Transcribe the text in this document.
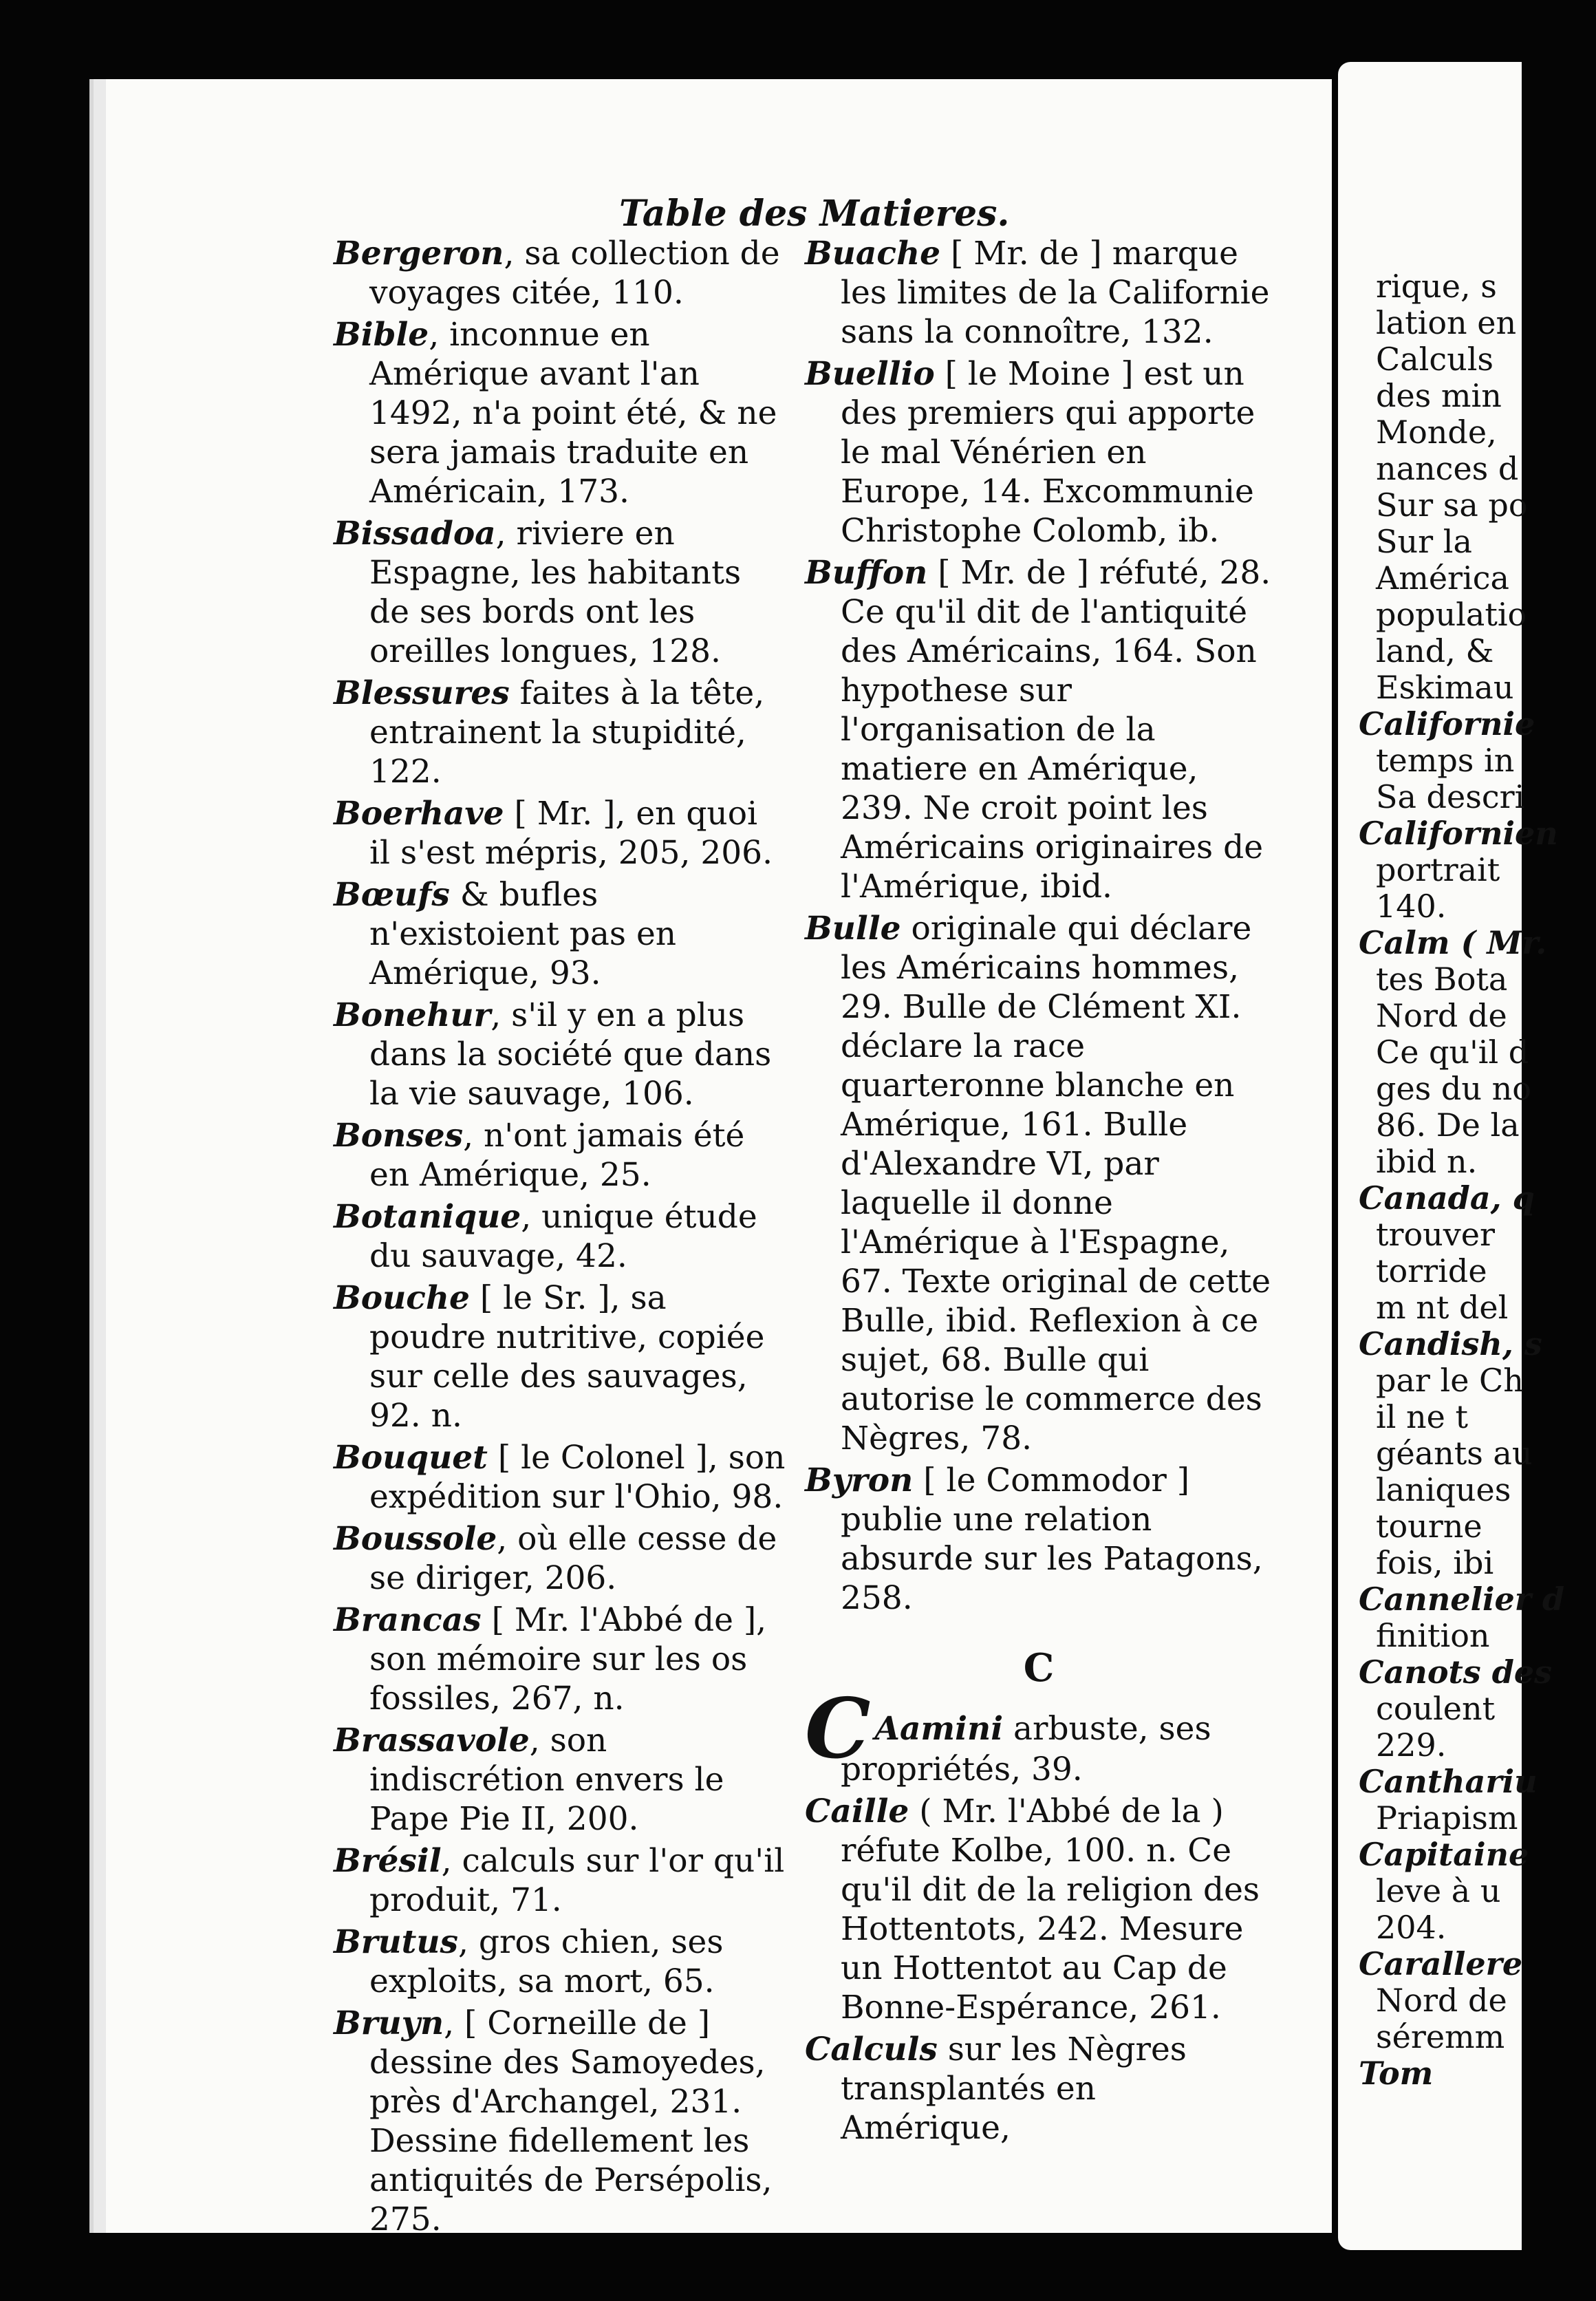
Table des Matieres.
Bergeron, sa collection de voyages citée, 110.
Bible, inconnue en Amérique avant l'an 1492, n'a point été, & ne sera jamais traduite en Américain, 173.
Bissadoa, riviere en Espagne, les habitants de ses bords ont les oreilles longues, 128.
Blessures faites à la tête, entrainent la stupidité, 122.
Boerhave [ Mr. ], en quoi il s'est mépris, 205, 206.
Bœufs & bufles n'existoient pas en Amérique, 93.
Bonehur, s'il y en a plus dans la société que dans la vie sauvage, 106.
Bonses, n'ont jamais été en Amérique, 25.
Botanique, unique étude du sauvage, 42.
Bouche [ le Sr. ], sa poudre nutritive, copiée sur celle des sauvages, 92. n.
Bouquet [ le Colonel ], son expédition sur l'Ohio, 98.
Boussole, où elle cesse de se diriger, 206.
Brancas [ Mr. l'Abbé de ], son mémoire sur les os fossiles, 267, n.
Brassavole, son indiscrétion envers le Pape Pie II, 200.
Brésil, calculs sur l'or qu'il produit, 71.
Brutus, gros chien, ses exploits, sa mort, 65.
Bruyn, [ Corneille de ] dessine des Samoyedes, près d'Archangel, 231. Dessine fidellement les antiquités de Persépolis, 275.
Buache [ Mr. de ] marque les limites de la Californie sans la connoître, 132.
Buellio [ le Moine ] est un des premiers qui apporte le mal Vénérien en Europe, 14. Excommunie Christophe Colomb, ib.
Buffon [ Mr. de ] réfuté, 28. Ce qu'il dit de l'antiquité des Américains, 164. Son hypothese sur l'organisation de la matiere en Amérique, 239. Ne croit point les Américains originaires de l'Amérique, ibid.
Bulle originale qui déclare les Américains hommes, 29. Bulle de Clément XI. déclare la race quarteronne blanche en Amérique, 161. Bulle d'Alexandre VI, par laquelle il donne l'Amérique à l'Espagne, 67. Texte original de cette Bulle, ibid. Reflexion à ce sujet, 68. Bulle qui autorise le commerce des Nègres, 78.
Byron [ le Commodor ] publie une relation absurde sur les Patagons, 258.
C
C Aamini arbuste, ses propriétés, 39.
Caille ( Mr. l'Abbé de la ) réfute Kolbe, 100. n. Ce qu'il dit de la religion des Hottentots, 242. Mesure un Hottentot au Cap de Bonne-Espérance, 261.
Calculs sur les Nègres transplantés en Amérique,
rique, s
lation en
Calculs
des min
Monde,
nances d
Sur sa po
Sur la
América
populatio
land, &
Eskimau
Californie
temps in
Sa descri
Californien
portrait
140.
Calm ( Mr.
tes Bota
Nord de
Ce qu'il d
ges du no
86. De la
ibid n.
Canada, q
trouver
torride
m nt del
Candish, s
par le Ch
il ne t
géants au
laniques
tourne
fois, ibi
Cannelier d
finition
Canots des
coulent
229.
Canthariu
Priapism
Capitaine
leve à u
204.
Carallere
Nord de
séremm
Tom
